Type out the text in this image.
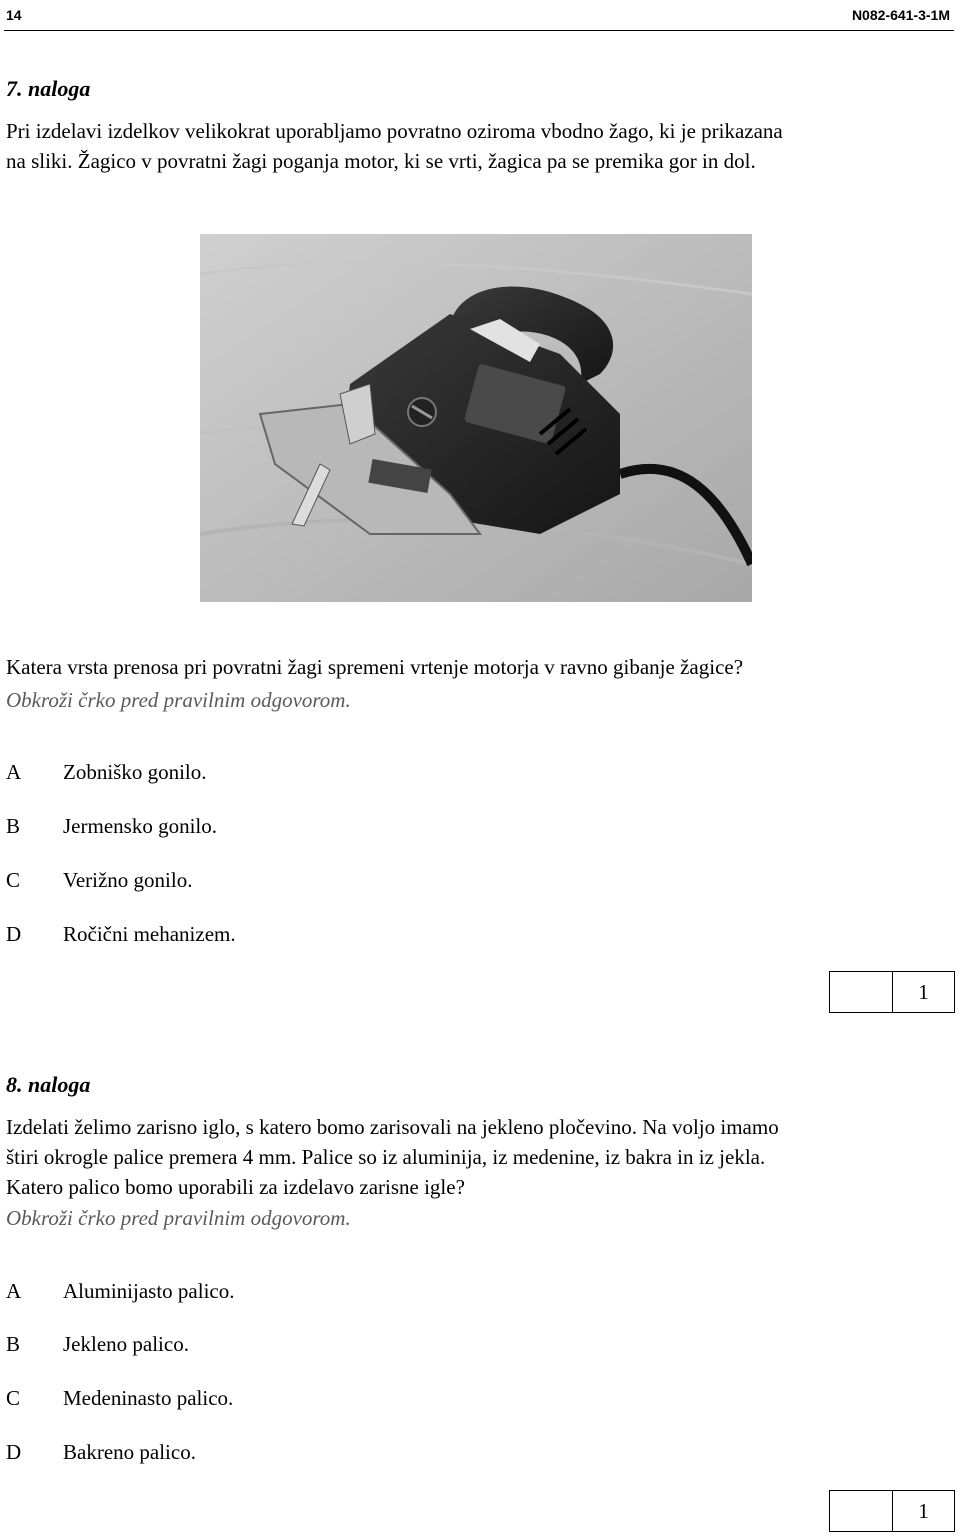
14	N082-641-3-1M
7. naloga
Pri izdelavi izdelkov velikokrat uporabljamo povratno oziroma vbodno žago, ki je prikazana
na sliki. Žagico v povratni žagi poganja motor, ki se vrti, žagica pa se premika gor in dol.
Katera vrsta prenosa pri povratni žagi spremeni vrtenje motorja v ravno gibanje žagice?
Obkroži črko pred pravilnim odgovorom.
A	Zobniško gonilo.
B	Jermensko gonilo.
C	Verižno gonilo.
D	Ročični mehanizem.
1
8. naloga
Izdelati želimo zarisno iglo, s katero bomo zarisovali na jekleno pločevino. Na voljo imamo
štiri okrogle palice premera 4 mm. Palice so iz aluminija, iz medenine, iz bakra in iz jekla.
Katero palico bomo uporabili za izdelavo zarisne igle?
Obkroži črko pred pravilnim odgovorom.
A	Aluminijasto palico.
B	Jekleno palico.
C	Medeninasto palico.
D	Bakreno palico.
1
